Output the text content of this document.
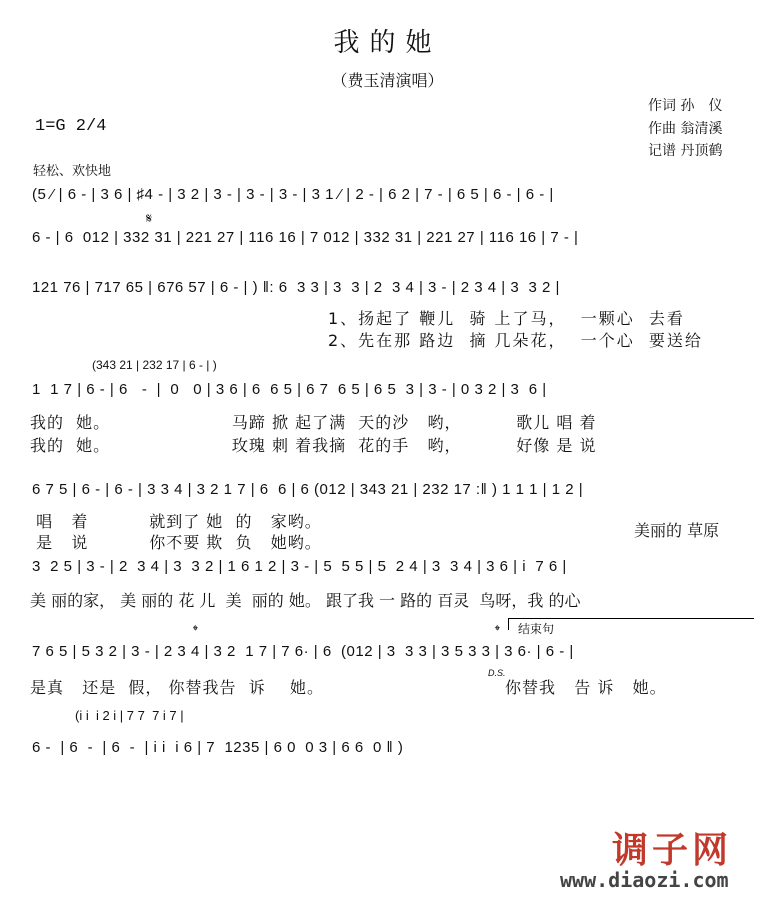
我的她
（费玉清演唱）
1=G 2/4
作词 孙　仪
作曲 翁清溪
记谱 丹顶鹤
轻松、欢快地
(5 ⁄ | 6 - | 3 6 | ♯4 - | 3 2 | 3 - | 3 - | 3 - | 3 1 ⁄ | 2 - | 6 2 | 7 - | 6 5 | 6 - | 6 - |
𝄋
6 - | 6  012 | 332 31 | 221 27 | 116 16 | 7 012 | 332 31 | 221 27 | 116 16 | 7 - |
121 76 | 717 65 | 676 57 | 6 - | ) ‖: 6  3 3 | 3  3 | 2  3 4 | 3 - | 2 3 4 | 3  3 2 |
1、扬起了 鞭儿  骑 上了马，  一颗心  去看
2、先在那 路边  摘 几朵花，  一个心  要送给
(343 21 | 232 17 | 6 - | )
1  1 7 | 6 - | 6   -  |  0   0 | 3 6 | 6  6 5 | 6 7  6 5 | 6 5  3 | 3 - | 0 3 2 | 3  6 |
我的  她。                    马蹄 掀 起了满  天的沙   哟，         歌儿 唱 着
我的  她。                    玫瑰 刺 着我摘  花的手   哟，         好像 是 说
6 7 5 | 6 - | 6 - | 3 3 4 | 3 2 1 7 | 6  6 | 6 (012 | 343 21 | 232 17 :‖ ) 1 1 1 | 1 2 |
唱   着          就到了 她  的   家哟。
是   说          你不要 欺  负   她哟。
美丽的 草原
3  2 5 | 3 - | 2  3 4 | 3  3 2 | 1 6 1 2 | 3 - | 5  5 5 | 5  2 4 | 3  3 4 | 3 6 | i  7 6 |
美 丽的家， 美 丽的 花 儿  美  丽的 她。 跟了我 一 路的 百灵  鸟呀，我 的心
𝄌	𝄌 结束句
7 6 5 | 5 3 2 | 3 - | 2 3 4 | 3 2  1 7 | 7 6· | 6  (012 | 3  3 3 | 3 5 3 3 | 3 6· | 6 - |
是真   还是  假， 你替我告  诉    她。
D.S.
你替我   告 诉   她。
(i i  i 2 i | 7 7  7 i 7 |
6 -  | 6  -  | 6  -  | i i  i 6 | 7  1235 | 6 0  0 3 | 6 6  0 ‖ )
调子网
www.diaozi.com
